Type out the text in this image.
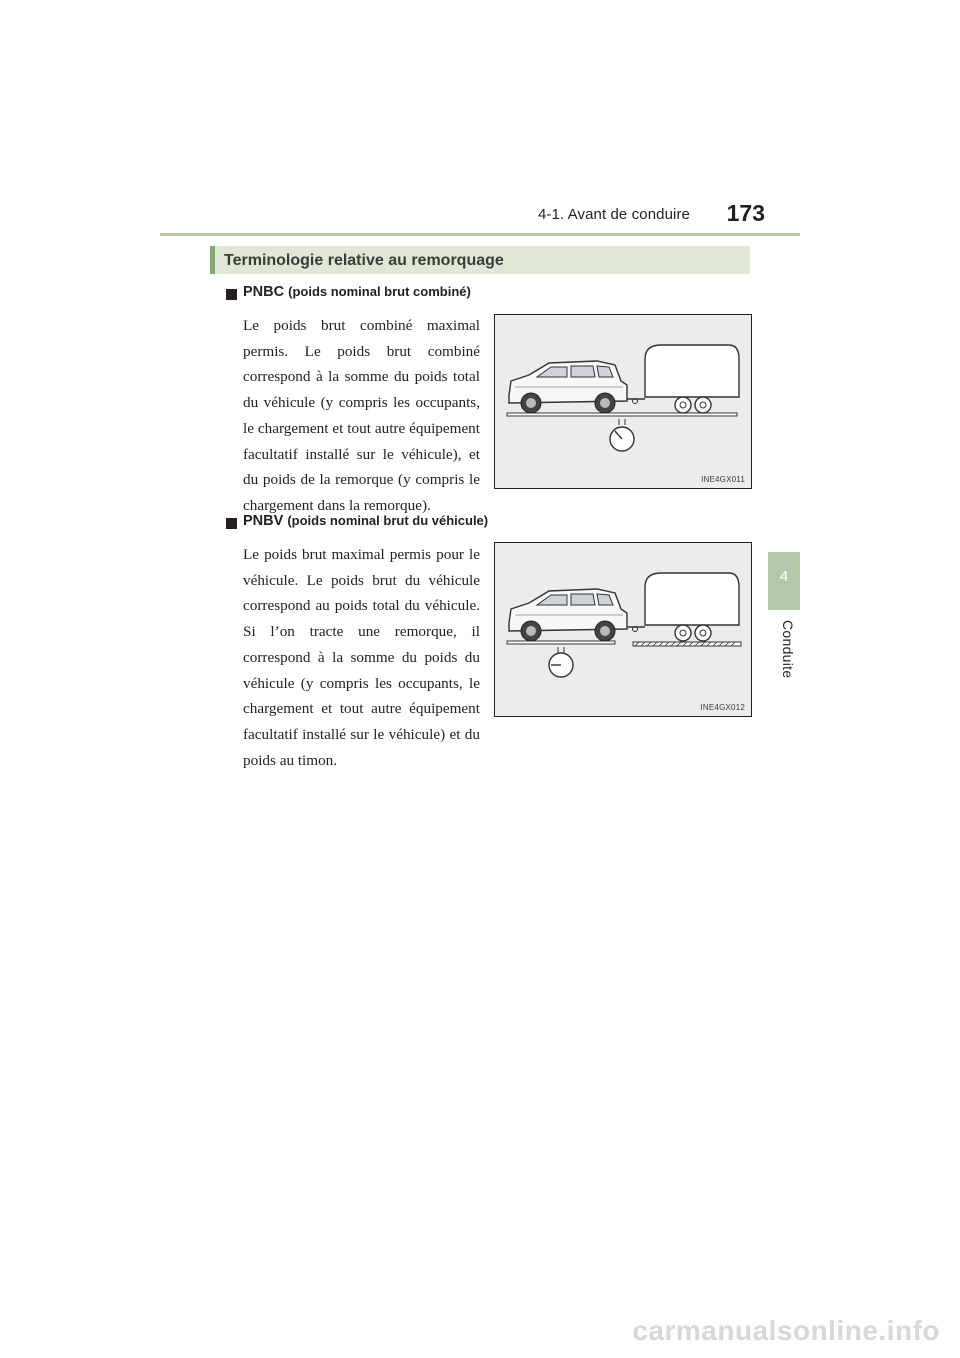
4-1. Avant de conduire	173
4
Conduite
Terminologie relative au remorquage
PNBC (poids nominal brut combiné)
Le poids brut combiné maximal permis. Le poids brut combiné correspond à la somme du poids total du véhicule (y compris les occupants, le chargement et tout autre équipement facultatif installé sur le véhicule), et du poids de la remorque (y compris le chargement dans la remorque).
INE4GX011
PNBV (poids nominal brut du véhicule)
Le poids brut maximal permis pour le véhicule. Le poids brut du véhicule correspond au poids total du véhicule. Si l’on tracte une remorque, il correspond à la somme du poids du véhicule (y compris les occupants, le chargement et tout autre équipement facultatif installé sur le véhicule) et du poids au timon.
INE4GX012
carmanualsonline.info
